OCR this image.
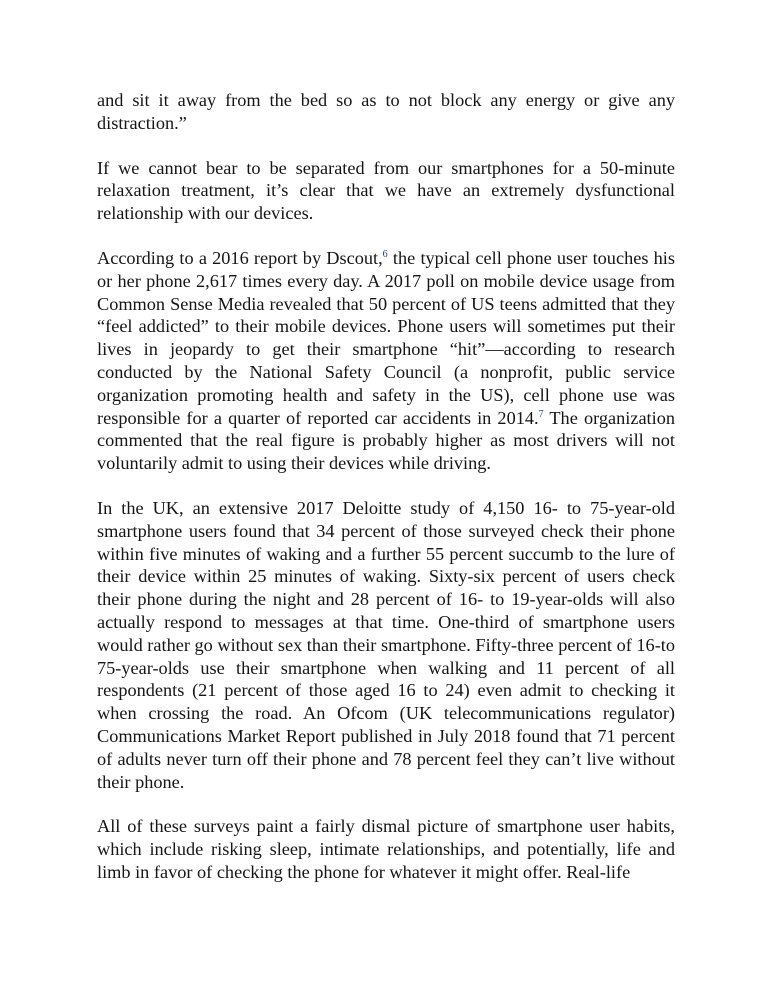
and sit it away from the bed so as to not block any energy or give any distraction.”

If we cannot bear to be separated from our smartphones for a 50-minute relaxation treatment, it’s clear that we have an extremely dysfunctional relationship with our devices.

According to a 2016 report by Dscout,$^6$ the typical cell phone user touches his or her phone 2,617 times every day. A 2017 poll on mobile device usage from Common Sense Media revealed that 50 percent of US teens admitted that they “feel addicted” to their mobile devices. Phone users will sometimes put their lives in jeopardy to get their smartphone “hit”—according to research conducted by the National Safety Council (a nonprofit, public service organization promoting health and safety in the US), cell phone use was responsible for a quarter of reported car accidents in 2014.$^7$ The organization commented that the real figure is probably higher as most drivers will not voluntarily admit to using their devices while driving.

In the UK, an extensive 2017 Deloitte study of 4,150 16- to 75-year-old smartphone users found that 34 percent of those surveyed check their phone within five minutes of waking and a further 55 percent succumb to the lure of their device within 25 minutes of waking. Sixty-six percent of users check their phone during the night and 28 percent of 16- to 19-year-olds will also actually respond to messages at that time. One-third of smartphone users would rather go without sex than their smartphone. Fifty-three percent of 16-to 75-year-olds use their smartphone when walking and 11 percent of all respondents (21 percent of those aged 16 to 24) even admit to checking it when crossing the road. An Ofcom (UK telecommunications regulator) Communications Market Report published in July 2018 found that 71 percent of adults never turn off their phone and 78 percent feel they can’t live without their phone.

All of these surveys paint a fairly dismal picture of smartphone user habits, which include risking sleep, intimate relationships, and potentially, life and limb in favor of checking the phone for whatever it might offer. Real-life
